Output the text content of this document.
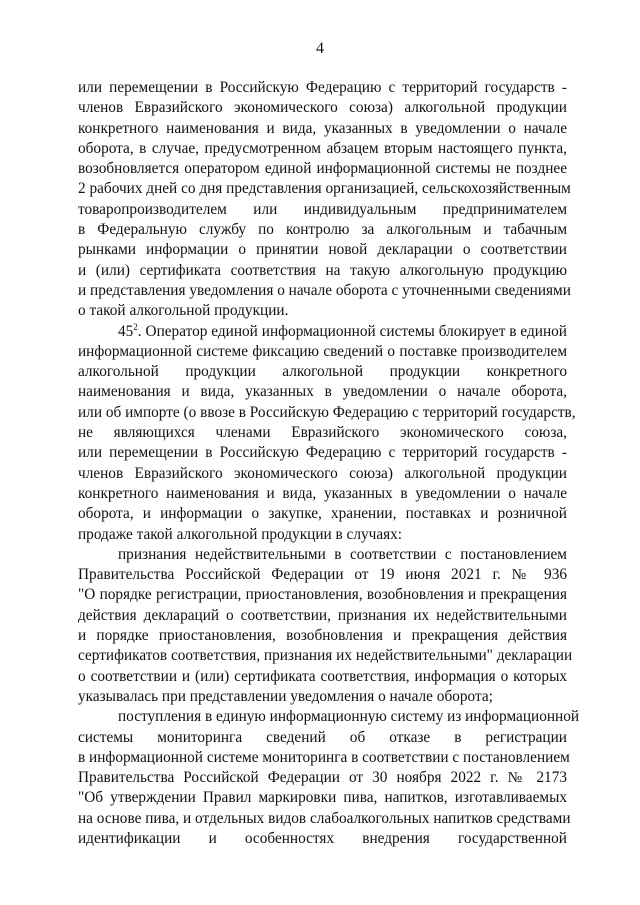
4
или перемещении в Российскую Федерацию с территорий государств -
членов Евразийского экономического союза) алкогольной продукции
конкретного наименования и вида, указанных в уведомлении о начале
оборота, в случае, предусмотренном абзацем вторым настоящего пункта,
возобновляется оператором единой информационной системы не позднее
2 рабочих дней со дня представления организацией, сельскохозяйственным
товаропроизводителем или индивидуальным предпринимателем
в Федеральную службу по контролю за алкогольным и табачным
рынками информации о принятии новой декларации о соответствии
и (или) сертификата соответствия на такую алкогольную продукцию
и представления уведомления о начале оборота с уточненными сведениями
о такой алкогольной продукции.
$45^2$. Оператор единой информационной системы блокирует в единой
информационной системе фиксацию сведений о поставке производителем
алкогольной продукции алкогольной продукции конкретного
наименования и вида, указанных в уведомлении о начале оборота,
или об импорте (о ввозе в Российскую Федерацию с территорий государств,
не являющихся членами Евразийского экономического союза,
или перемещении в Российскую Федерацию с территорий государств -
членов Евразийского экономического союза) алкогольной продукции
конкретного наименования и вида, указанных в уведомлении о начале
оборота, и информации о закупке, хранении, поставках и розничной
продаже такой алкогольной продукции в случаях:
признания недействительными в соответствии с постановлением
Правительства Российской Федерации от 19 июня 2021 г. № 936
"О порядке регистрации, приостановления, возобновления и прекращения
действия деклараций о соответствии, признания их недействительными
и порядке приостановления, возобновления и прекращения действия
сертификатов соответствия, признания их недействительными" декларации
о соответствии и (или) сертификата соответствия, информация о которых
указывалась при представлении уведомления о начале оборота;
поступления в единую информационную систему из информационной
системы мониторинга сведений об отказе в регистрации
в информационной системе мониторинга в соответствии с постановлением
Правительства Российской Федерации от 30 ноября 2022 г. № 2173
"Об утверждении Правил маркировки пива, напитков, изготавливаемых
на основе пива, и отдельных видов слабоалкогольных напитков средствами
идентификации и особенностях внедрения государственной
